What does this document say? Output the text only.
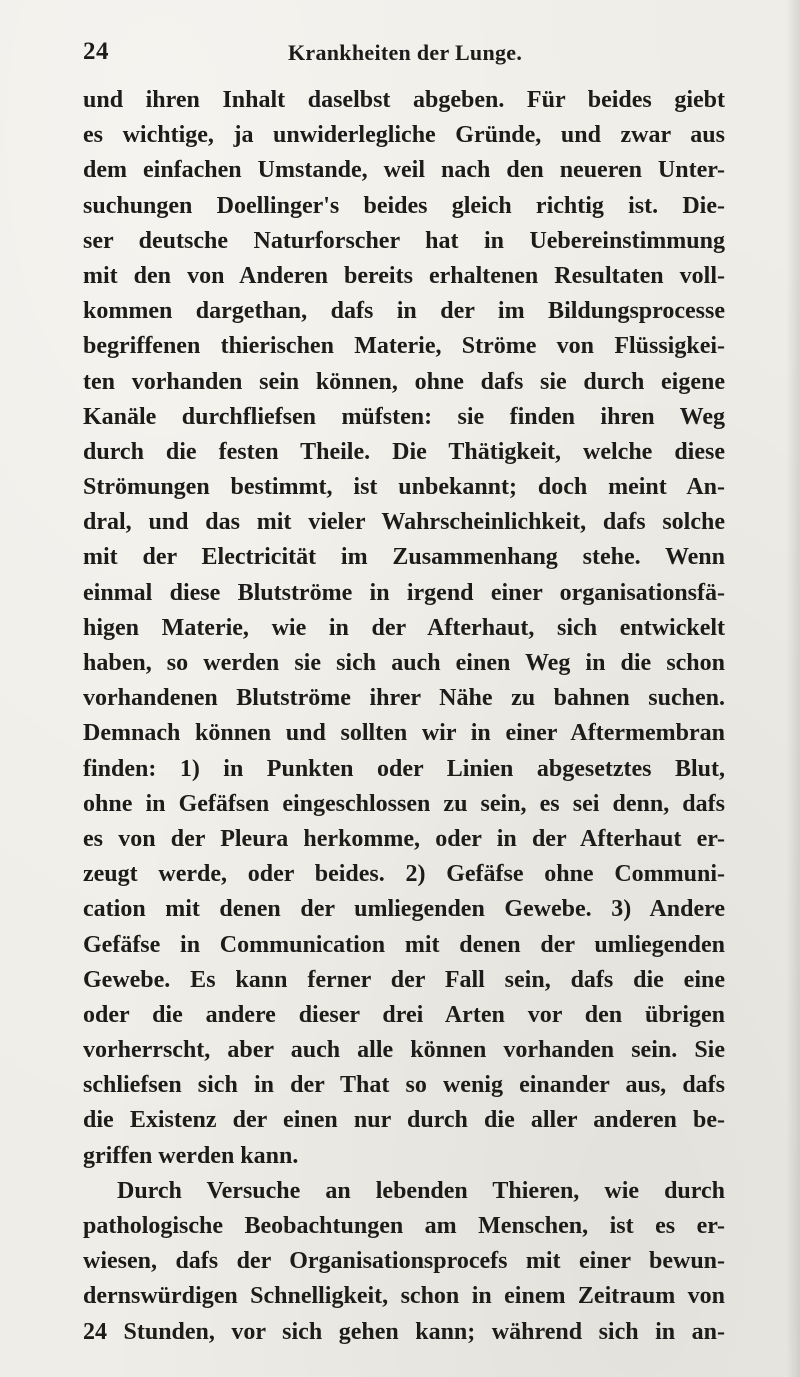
24	Krankheiten der Lunge.
und ihren Inhalt daselbst abgeben. Für beides giebt
es wichtige, ja unwiderlegliche Gründe, und zwar aus
dem einfachen Umstande, weil nach den neueren Unter-
suchungen Doellinger's beides gleich richtig ist. Die-
ser deutsche Naturforscher hat in Uebereinstimmung
mit den von Anderen bereits erhaltenen Resultaten voll-
kommen dargethan, dafs in der im Bildungsprocesse
begriffenen thierischen Materie, Ströme von Flüssigkei-
ten vorhanden sein können, ohne dafs sie durch eigene
Kanäle durchfliefsen müfsten: sie finden ihren Weg
durch die festen Theile. Die Thätigkeit, welche diese
Strömungen bestimmt, ist unbekannt; doch meint An-
dral, und das mit vieler Wahrscheinlichkeit, dafs solche
mit der Electricität im Zusammenhang stehe. Wenn
einmal diese Blutströme in irgend einer organisationsfä-
higen Materie, wie in der Afterhaut, sich entwickelt
haben, so werden sie sich auch einen Weg in die schon
vorhandenen Blutströme ihrer Nähe zu bahnen suchen.
Demnach können und sollten wir in einer Aftermembran
finden: 1) in Punkten oder Linien abgesetztes Blut,
ohne in Gefäfsen eingeschlossen zu sein, es sei denn, dafs
es von der Pleura herkomme, oder in der Afterhaut er-
zeugt werde, oder beides. 2) Gefäfse ohne Communi-
cation mit denen der umliegenden Gewebe. 3) Andere
Gefäfse in Communication mit denen der umliegenden
Gewebe. Es kann ferner der Fall sein, dafs die eine
oder die andere dieser drei Arten vor den übrigen
vorherrscht, aber auch alle können vorhanden sein. Sie
schliefsen sich in der That so wenig einander aus, dafs
die Existenz der einen nur durch die aller anderen be-
griffen werden kann.
Durch Versuche an lebenden Thieren, wie durch
pathologische Beobachtungen am Menschen, ist es er-
wiesen, dafs der Organisationsprocefs mit einer bewun-
dernswürdigen Schnelligkeit, schon in einem Zeitraum von
24 Stunden, vor sich gehen kann; während sich in an-
